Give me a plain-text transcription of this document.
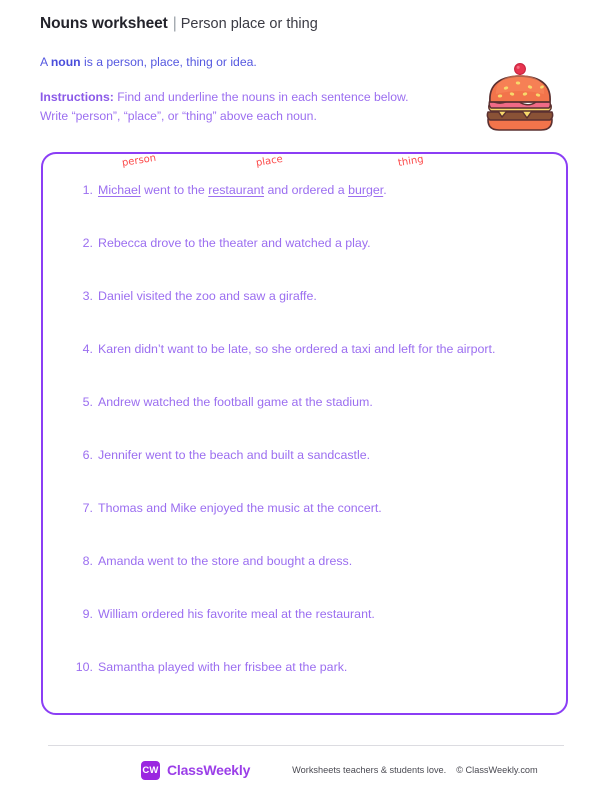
Nouns worksheet | Person place or thing
A noun is a person, place, thing or idea.
Instructions: Find and underline the nouns in each sentence below. Write “person”, “place”, or “thing” above each noun.
person	place	thing
1. Michael went to the restaurant and ordered a burger.
2. Rebecca drove to the theater and watched a play.
3. Daniel visited the zoo and saw a giraffe.
4. Karen didn’t want to be late, so she ordered a taxi and left for the airport.
5. Andrew watched the football game at the stadium.
6. Jennifer went to the beach and built a sandcastle.
7. Thomas and Mike enjoyed the music at the concert.
8. Amanda went to the store and bought a dress.
9. William ordered his favorite meal at the restaurant.
10. Samantha played with her frisbee at the park.
CW ClassWeekly	Worksheets teachers & students love. © ClassWeekly.com
